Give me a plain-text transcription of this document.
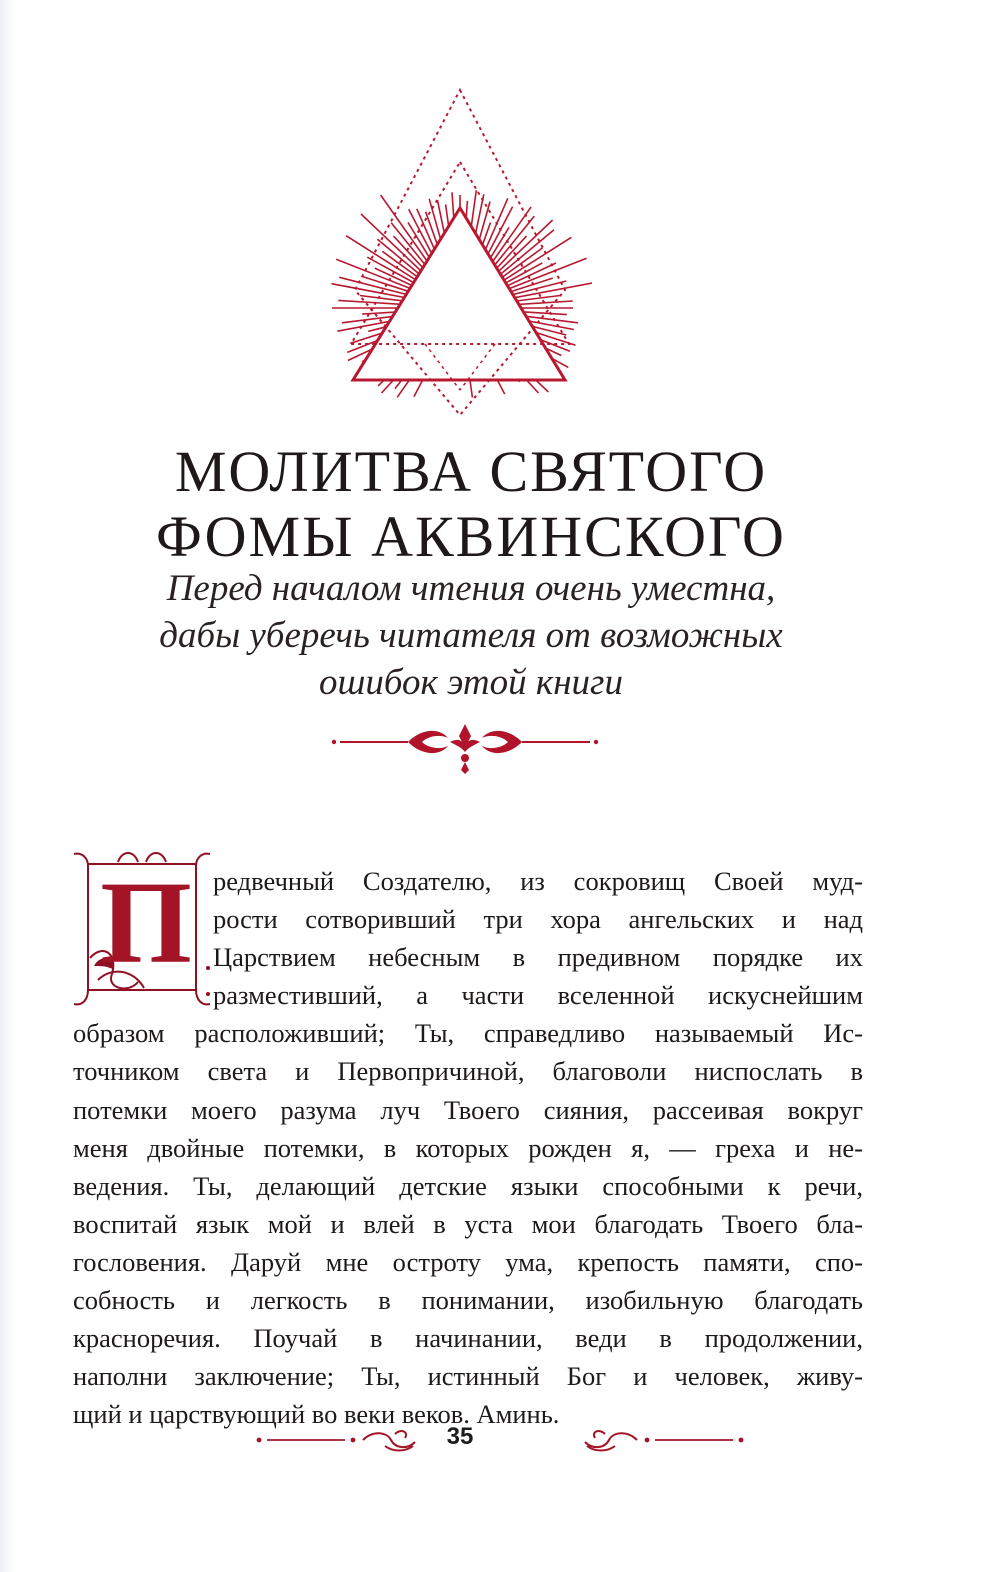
МОЛИТВА СВЯТОГО
ФОМЫ АКВИНСКОГО
Перед началом чтения очень уместна,
дабы уберечь читателя от возможных
ошибок этой книги
П редвечный Создателю, из сокровищ Своей муд-
рости сотворивший три хора ангельских и над
Царствием небесным в предивном порядке их
разместивший, а части вселенной искуснейшим
образом расположивший; Ты, справедливо называемый Ис-
точником света и Первопричиной, благоволи ниспослать в
потемки моего разума луч Твоего сияния, рассеивая вокруг
меня двойные потемки, в которых рожден я, — греха и не-
ведения. Ты, делающий детские языки способными к речи,
воспитай язык мой и влей в уста мои благодать Твоего бла-
гословения. Даруй мне остроту ума, крепость памяти, спо-
собность и легкость в понимании, изобильную благодать
красноречия. Поучай в начинании, веди в продолжении,
наполни заключение; Ты, истинный Бог и человек, живу-
щий и царствующий во веки веков. Аминь.
35
